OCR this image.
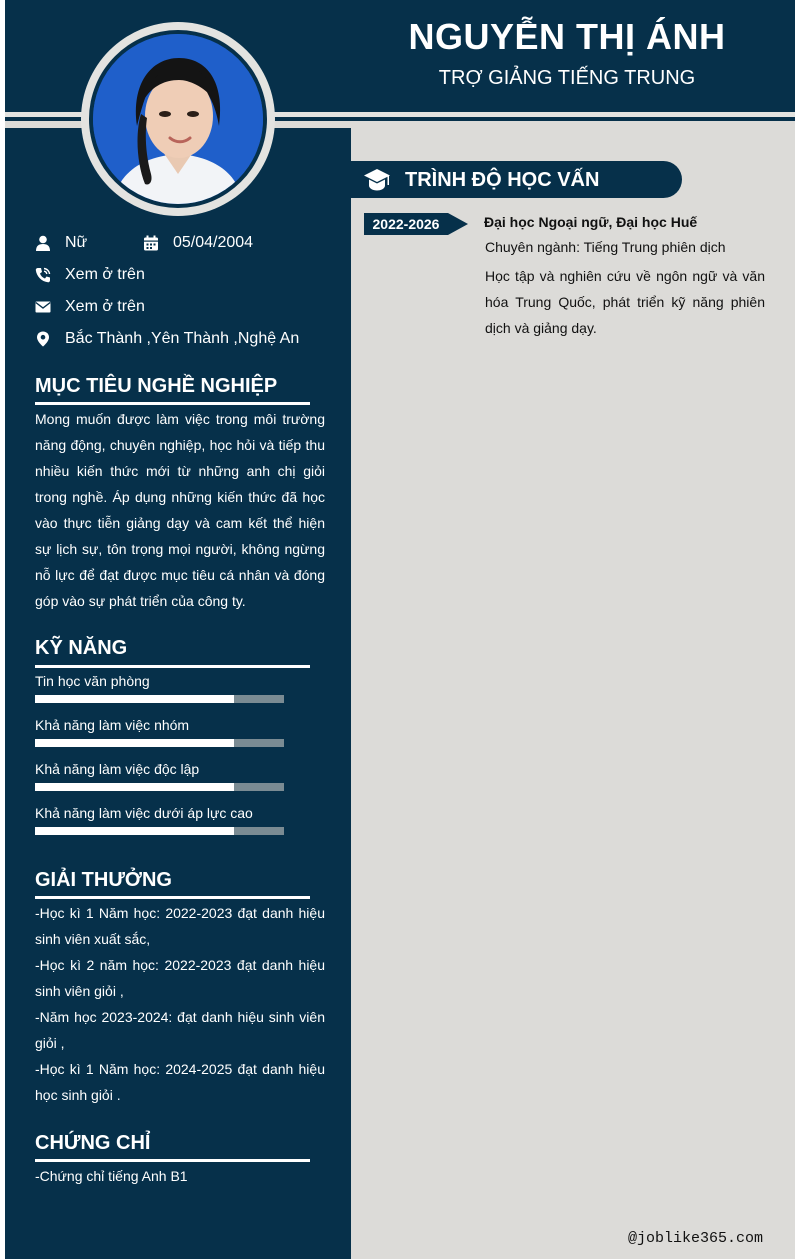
NGUYỄN THỊ ÁNH
TRỢ GIẢNG TIẾNG TRUNG
Nữ	05/04/2004
Xem ở trên
Xem ở trên
Bắc Thành ,Yên Thành ,Nghệ An
MỤC TIÊU NGHỀ NGHIỆP
Mong muốn được làm việc trong môi trường năng động, chuyên nghiệp, học hỏi và tiếp thu nhiều kiến thức mới từ những anh chị giỏi trong nghề. Áp dụng những kiến thức đã học vào thực tiễn giảng dạy và cam kết thể hiện sự lịch sự, tôn trọng mọi người, không ngừng nỗ lực để đạt được mục tiêu cá nhân và đóng góp vào sự phát triển của công ty.
KỸ NĂNG
Tin học văn phòng
Khả năng làm việc nhóm
Khả năng làm việc độc lập
Khả năng làm việc dưới áp lực cao
GIẢI THƯỞNG

-Học kì 1 Năm học: 2022-2023 đạt danh hiệu sinh viên xuất sắc,

-Học kì 2 năm học: 2022-2023 đạt danh hiệu sinh viên giỏi ,

-Năm học 2023-2024: đạt danh hiệu sinh viên giỏi ,

-Học kì 1 Năm học: 2024-2025 đạt danh hiệu học sinh giỏi .

CHỨNG CHỈ

-Chứng chỉ tiếng Anh B1

TRÌNH ĐỘ HỌC VẤN
2022-2026	Đại học Ngoại ngữ, Đại học Huế
Chuyên ngành: Tiếng Trung phiên dịch
Học tập và nghiên cứu về ngôn ngữ và văn hóa Trung Quốc, phát triển kỹ năng phiên dịch và giảng dạy.
@joblike365.com
